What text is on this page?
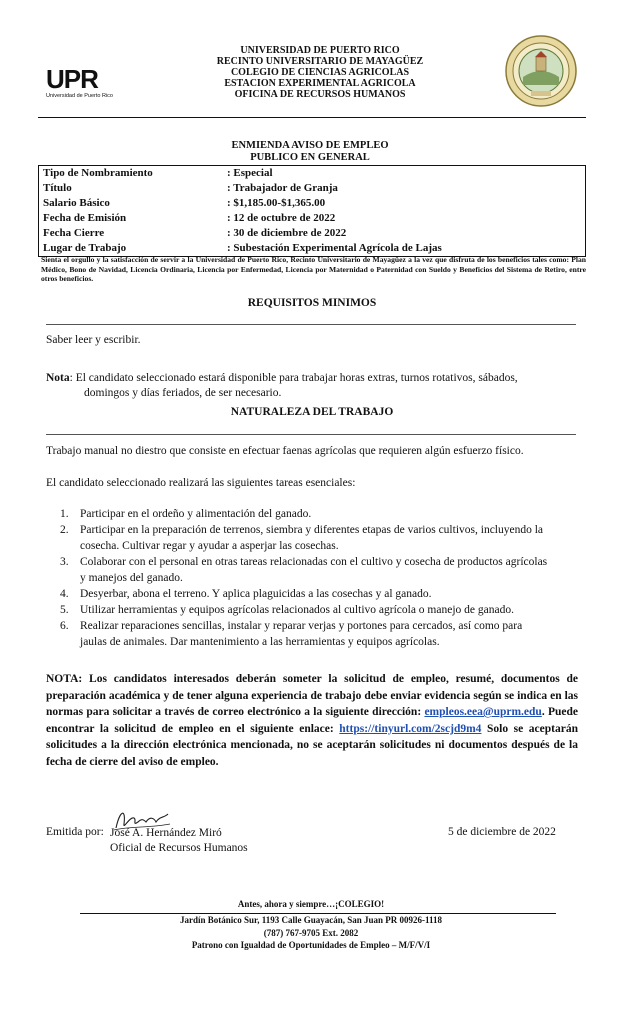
UPR
Universidad de Puerto Rico
UNIVERSIDAD DE PUERTO RICO
RECINTO UNIVERSITARIO DE MAYAGÜEZ
COLEGIO DE CIENCIAS AGRICOLAS
ESTACION EXPERIMENTAL AGRICOLA
OFICINA DE RECURSOS HUMANOS
ENMIENDA AVISO DE EMPLEO
PUBLICO EN GENERAL
Tipo de Nombramiento	: Especial
Título	: Trabajador de Granja
Salario Básico	: $1,185.00-$1,365.00
Fecha de Emisión	: 12 de octubre de 2022
Fecha Cierre	: 30 de diciembre de 2022
Lugar de Trabajo	: Subestación Experimental Agrícola de Lajas
Sienta el orgullo y la satisfacción de servir a la Universidad de Puerto Rico, Recinto Universitario de Mayagüez a la vez que disfruta de los beneficios tales como: Plan Médico, Bono de Navidad, Licencia Ordinaria, Licencia por Enfermedad, Licencia por Maternidad o Paternidad con Sueldo y Beneficios del Sistema de Retiro, entre otros beneficios.
REQUISITOS MINIMOS
Saber leer y escribir.
Nota: El candidato seleccionado estará disponible para trabajar horas extras, turnos rotativos, sábados,
domingos y días feriados, de ser necesario.
NATURALEZA DEL TRABAJO
Trabajo manual no diestro que consiste en efectuar faenas agrícolas que requieren algún esfuerzo físico.
El candidato seleccionado realizará las siguientes tareas esenciales:
1. Participar en el ordeño y alimentación del ganado.
2. Participar en la preparación de terrenos, siembra y diferentes etapas de varios cultivos, incluyendo la
cosecha. Cultivar regar y ayudar a asperjar las cosechas.
3. Colaborar con el personal en otras tareas relacionadas con el cultivo y cosecha de productos agrícolas
y manejos del ganado.
4. Desyerbar, abona el terreno. Y aplica plaguicidas a las cosechas y al ganado.
5. Utilizar herramientas y equipos agrícolas relacionados al cultivo agrícola o manejo de ganado.
6. Realizar reparaciones sencillas, instalar y reparar verjas y portones para cercados, así como para
jaulas de animales. Dar mantenimiento a las herramientas y equipos agrícolas.
NOTA: Los candidatos interesados deberán someter la solicitud de empleo, resumé, documentos de preparación académica y de tener alguna experiencia de trabajo debe enviar evidencia según se indica en las normas para solicitar a través de correo electrónico a la siguiente dirección: empleos.eea@uprm.edu. Puede encontrar la solicitud de empleo en el siguiente enlace: https://tinyurl.com/2scjd9m4 Solo se aceptarán solicitudes a la dirección electrónica mencionada, no se aceptarán solicitudes ni documentos después de la fecha de cierre del aviso de empleo.
Emitida por: José A. Hernández Miró
Oficial de Recursos Humanos
5 de diciembre de 2022
Antes, ahora y siempre…¡COLEGIO!
Jardín Botánico Sur, 1193 Calle Guayacán, San Juan PR 00926-1118
(787) 767-9705 Ext. 2082
Patrono con Igualdad de Oportunidades de Empleo – M/F/V/I
